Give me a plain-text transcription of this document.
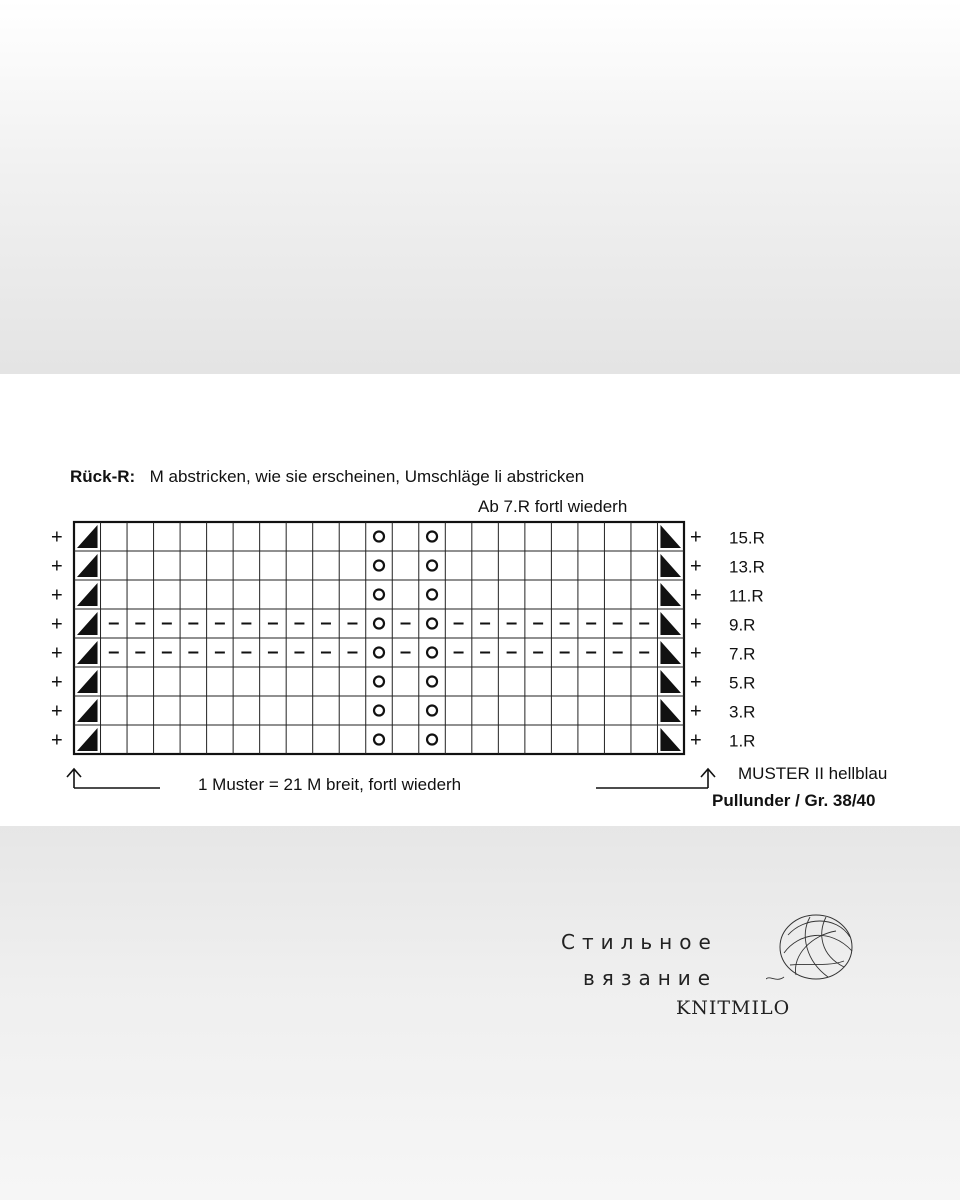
Rück-R: M abstricken, wie sie erscheinen, Umschläge li abstricken
Ab 7.R fortl wiederh
+	+ 15.R
+	+ 13.R
+	+ 11.R
+	+ 9.R
+	+ 7.R
+	+ 5.R
+	+ 3.R
+	+ 1.R
1 Muster = 21 M breit, fortl wiederh
MUSTER II hellblau
Pullunder / Gr. 38/40
Стильное
вязание
KNITMILO
